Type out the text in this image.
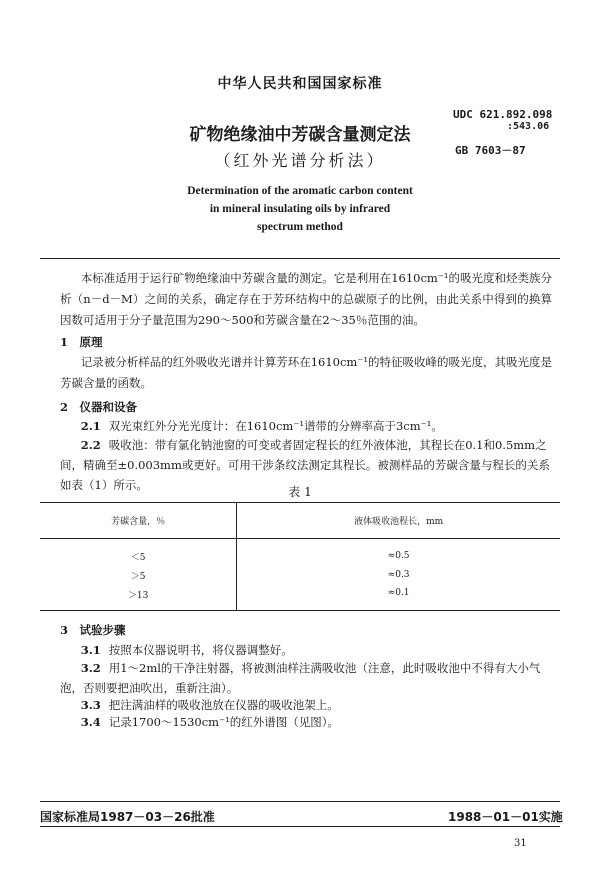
中华人民共和国国家标准
矿物绝缘油中芳碳含量测定法
（红外光谱分析法）
UDC 621.892.098
:543.06
GB 7603－87
Determination of the aromatic carbon content
in mineral insulating oils by infrared
spectrum method
本标准适用于运行矿物绝缘油中芳碳含量的测定。它是利用在1610cm⁻¹的吸光度和烃类族分析（n－d－M）之间的关系，确定存在于芳环结构中的总碳原子的比例，由此关系中得到的换算因数可适用于分子量范围为290～500和芳碳含量在2～35％范围的油。
1　原理
记录被分析样品的红外吸收光谱并计算芳环在1610cm⁻¹的特征吸收峰的吸光度，其吸光度是芳碳含量的函数。
2　仪器和设备
2.1 双光束红外分光光度计：在1610cm⁻¹谱带的分辨率高于3cm⁻¹。
2.2 吸收池：带有氯化钠池窗的可变或者固定程长的红外液体池，其程长在0.1和0.5mm之间，精确至±0.003mm或更好。可用干涉条纹法测定其程长。被测样品的芳碳含量与程长的关系如表（1）所示。	表 1
芳碳含量，％	液体吸收池程长，mm
＜5	≈0.5
＞5	≈0.3
＞13	≈0.1
3　试验步骤
3.1 按照本仪器说明书，将仪器调整好。
3.2 用1～2ml的干净注射器，将被测油样注满吸收池（注意，此时吸收池中不得有大小气泡，否则要把油吹出，重新注油）。
3.3 把注满油样的吸收池放在仪器的吸收池架上。
3.4 记录1700～1530cm⁻¹的红外谱图（见图）。
国家标准局1987－03－26批准	1988－01－01实施
31
